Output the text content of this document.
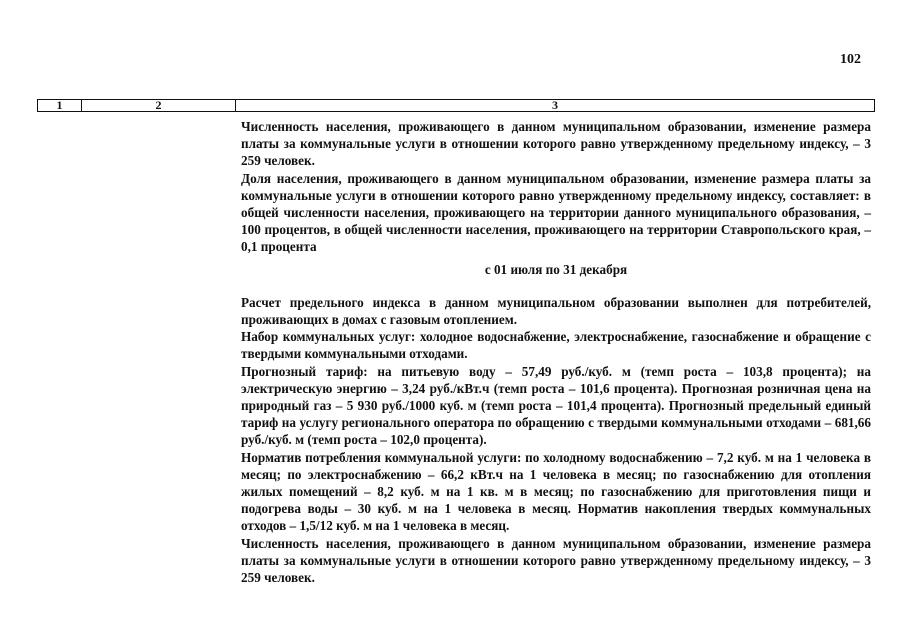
102
1	2	3

Численность населения, проживающего в данном муниципальном образовании, изменение размера платы за коммунальные услуги в отношении которого равно утвержденному предельному индексу, – 3 259 человек.

Доля населения, проживающего в данном муниципальном образовании, изменение размера платы за коммунальные услуги в отношении которого равно утвержденному предельному индексу, составляет: в общей численности населения, проживающего на территории данного муниципального образования, – 100 процентов, в общей численности населения, проживающего на территории Ставропольского края, – 0,1 процента

с 01 июля по 31 декабря

Расчет предельного индекса в данном муниципальном образовании выполнен для потребителей, проживающих в домах с газовым отоплением.

Набор коммунальных услуг: холодное водоснабжение, электроснабжение, газоснабжение и обращение с твердыми коммунальными отходами.

Прогнозный тариф: на питьевую воду – 57,49 руб./куб. м (темп роста – 103,8 процента); на электрическую энергию – 3,24 руб./кВт.ч (темп роста – 101,6 процента). Прогнозная розничная цена на природный газ – 5 930 руб./1000 куб. м (темп роста – 101,4 процента). Прогнозный предельный единый тариф на услугу регионального оператора по обращению с твердыми коммунальными отходами – 681,66 руб./куб. м (темп роста – 102,0 процента).

Норматив потребления коммунальной услуги: по холодному водоснабжению – 7,2 куб. м на 1 человека в месяц; по электроснабжению – 66,2 кВт.ч на 1 человека в месяц; по газоснабжению для отопления жилых помещений – 8,2 куб. м на 1 кв. м в месяц; по газоснабжению для приготовления пищи и подогрева воды – 30 куб. м на 1 человека в месяц. Норматив накопления твердых коммунальных отходов – 1,5/12 куб. м на 1 человека в месяц.

Численность населения, проживающего в данном муниципальном образовании, изменение размера платы за коммунальные услуги в отношении которого равно утвержденному предельному индексу, – 3 259 человек.
